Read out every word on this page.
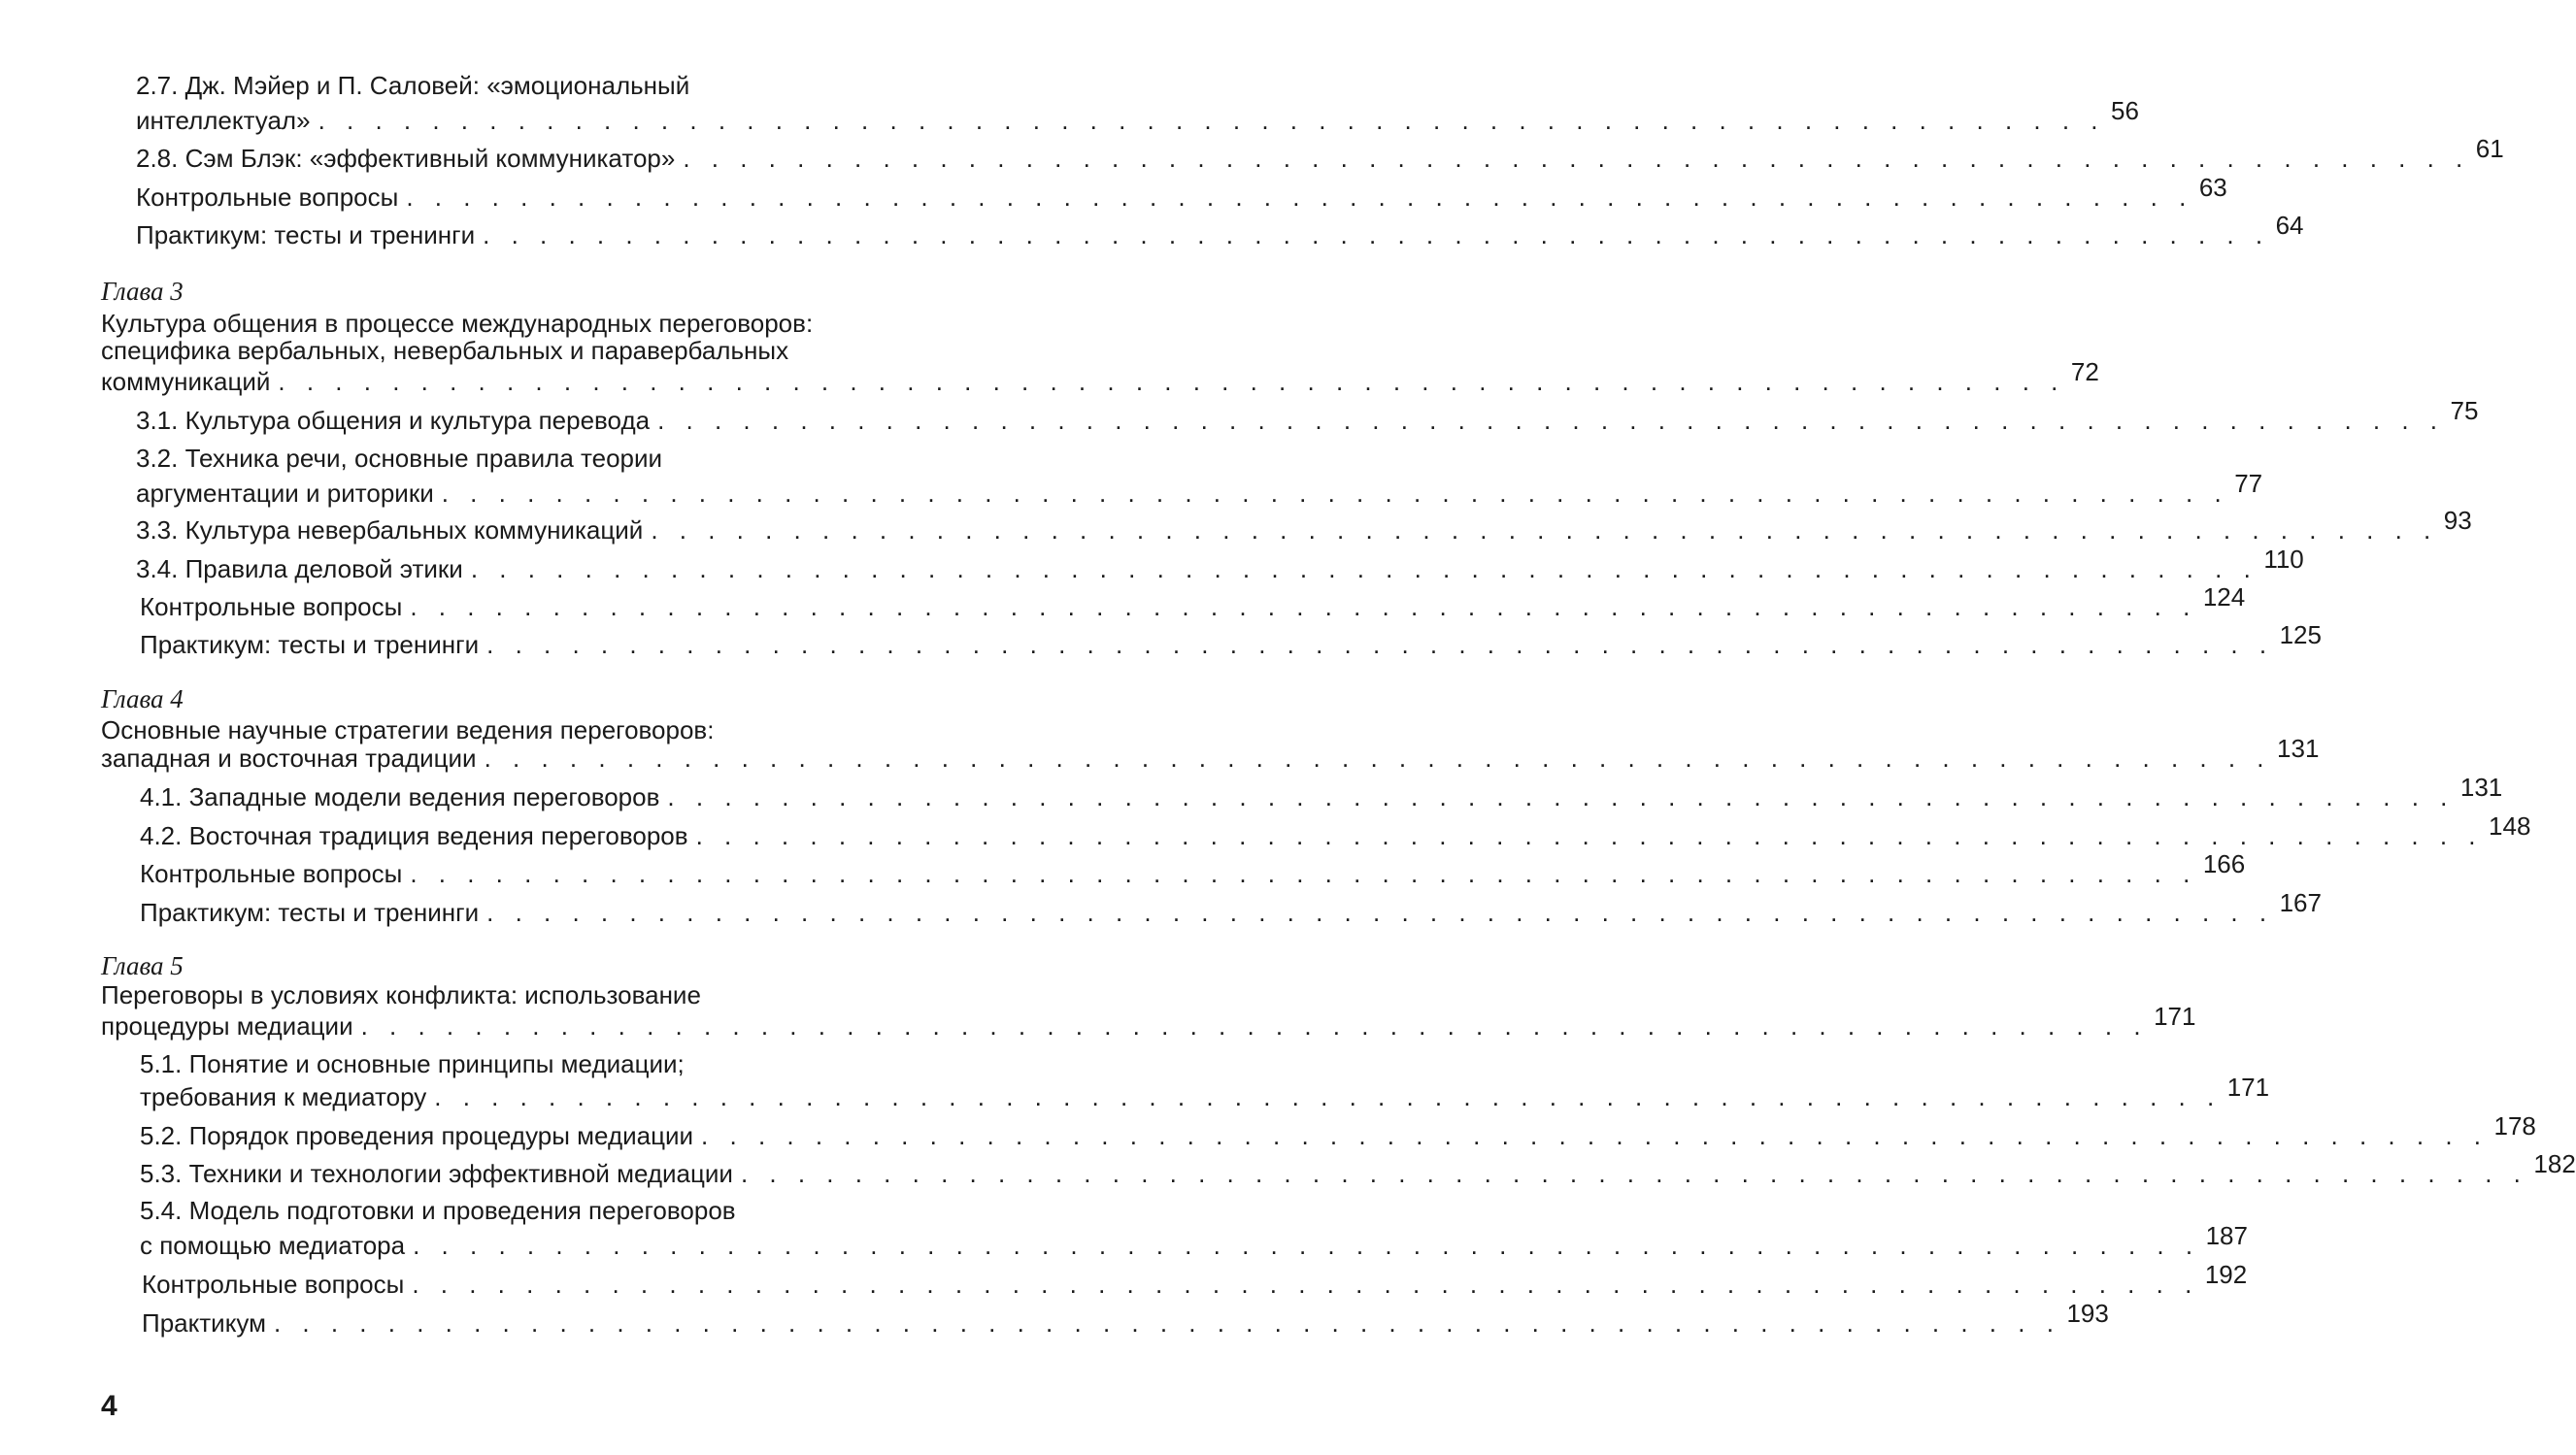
2.7. Дж. Мэйер и П. Саловей: «эмоциональный
интеллектуал» . . . . . . . . . . . . . . . . . . . . . . . . . . . . . . . . . . . . . . . . . . . . . . . . . . . . . . . . . . . . . . . 56
2.8. Сэм Блэк: «эффективный коммуникатор» . . . . . . . . . . . . . . . . . . . . . . . . . . . . . . . . . . . . . . . . . . . . . . . . . . . . . . . . . . . . . . . 61
Контрольные вопросы . . . . . . . . . . . . . . . . . . . . . . . . . . . . . . . . . . . . . . . . . . . . . . . . . . . . . . . . . . . . . . . 63
Практикум: тесты и тренинги . . . . . . . . . . . . . . . . . . . . . . . . . . . . . . . . . . . . . . . . . . . . . . . . . . . . . . . . . . . . . . . 64
Глава 3
Культура общения в процессе международных переговоров:
специфика вербальных, невербальных и паравербальных
коммуникаций . . . . . . . . . . . . . . . . . . . . . . . . . . . . . . . . . . . . . . . . . . . . . . . . . . . . . . . . . . . . . . . 72
3.1. Культура общения и культура перевода . . . . . . . . . . . . . . . . . . . . . . . . . . . . . . . . . . . . . . . . . . . . . . . . . . . . . . . . . . . . . . . 75
3.2. Техника речи, основные правила теории
аргументации и риторики . . . . . . . . . . . . . . . . . . . . . . . . . . . . . . . . . . . . . . . . . . . . . . . . . . . . . . . . . . . . . . . 77
3.3. Культура невербальных коммуникаций . . . . . . . . . . . . . . . . . . . . . . . . . . . . . . . . . . . . . . . . . . . . . . . . . . . . . . . . . . . . . . . 93
3.4. Правила деловой этики . . . . . . . . . . . . . . . . . . . . . . . . . . . . . . . . . . . . . . . . . . . . . . . . . . . . . . . . . . . . . . . 110
Контрольные вопросы . . . . . . . . . . . . . . . . . . . . . . . . . . . . . . . . . . . . . . . . . . . . . . . . . . . . . . . . . . . . . . . 124
Практикум: тесты и тренинги . . . . . . . . . . . . . . . . . . . . . . . . . . . . . . . . . . . . . . . . . . . . . . . . . . . . . . . . . . . . . . . 125
Глава 4
Основные научные стратегии ведения переговоров:
западная и восточная традиции . . . . . . . . . . . . . . . . . . . . . . . . . . . . . . . . . . . . . . . . . . . . . . . . . . . . . . . . . . . . . . . 131
4.1. Западные модели ведения переговоров . . . . . . . . . . . . . . . . . . . . . . . . . . . . . . . . . . . . . . . . . . . . . . . . . . . . . . . . . . . . . . . 131
4.2. Восточная традиция ведения переговоров . . . . . . . . . . . . . . . . . . . . . . . . . . . . . . . . . . . . . . . . . . . . . . . . . . . . . . . . . . . . . . . 148
Контрольные вопросы . . . . . . . . . . . . . . . . . . . . . . . . . . . . . . . . . . . . . . . . . . . . . . . . . . . . . . . . . . . . . . . 166
Практикум: тесты и тренинги . . . . . . . . . . . . . . . . . . . . . . . . . . . . . . . . . . . . . . . . . . . . . . . . . . . . . . . . . . . . . . . 167
Глава 5
Переговоры в условиях конфликта: использование
процедуры медиации . . . . . . . . . . . . . . . . . . . . . . . . . . . . . . . . . . . . . . . . . . . . . . . . . . . . . . . . . . . . . . . 171
5.1. Понятие и основные принципы медиации;
требования к медиатору . . . . . . . . . . . . . . . . . . . . . . . . . . . . . . . . . . . . . . . . . . . . . . . . . . . . . . . . . . . . . . . 171
5.2. Порядок проведения процедуры медиации . . . . . . . . . . . . . . . . . . . . . . . . . . . . . . . . . . . . . . . . . . . . . . . . . . . . . . . . . . . . . . . 178
5.3. Техники и технологии эффективной медиации . . . . . . . . . . . . . . . . . . . . . . . . . . . . . . . . . . . . . . . . . . . . . . . . . . . . . . . . . . . . . . . 182
5.4. Модель подготовки и проведения переговоров
с помощью медиатора . . . . . . . . . . . . . . . . . . . . . . . . . . . . . . . . . . . . . . . . . . . . . . . . . . . . . . . . . . . . . . . 187
Контрольные вопросы . . . . . . . . . . . . . . . . . . . . . . . . . . . . . . . . . . . . . . . . . . . . . . . . . . . . . . . . . . . . . . . 192
Практикум . . . . . . . . . . . . . . . . . . . . . . . . . . . . . . . . . . . . . . . . . . . . . . . . . . . . . . . . . . . . . . . 193
4
